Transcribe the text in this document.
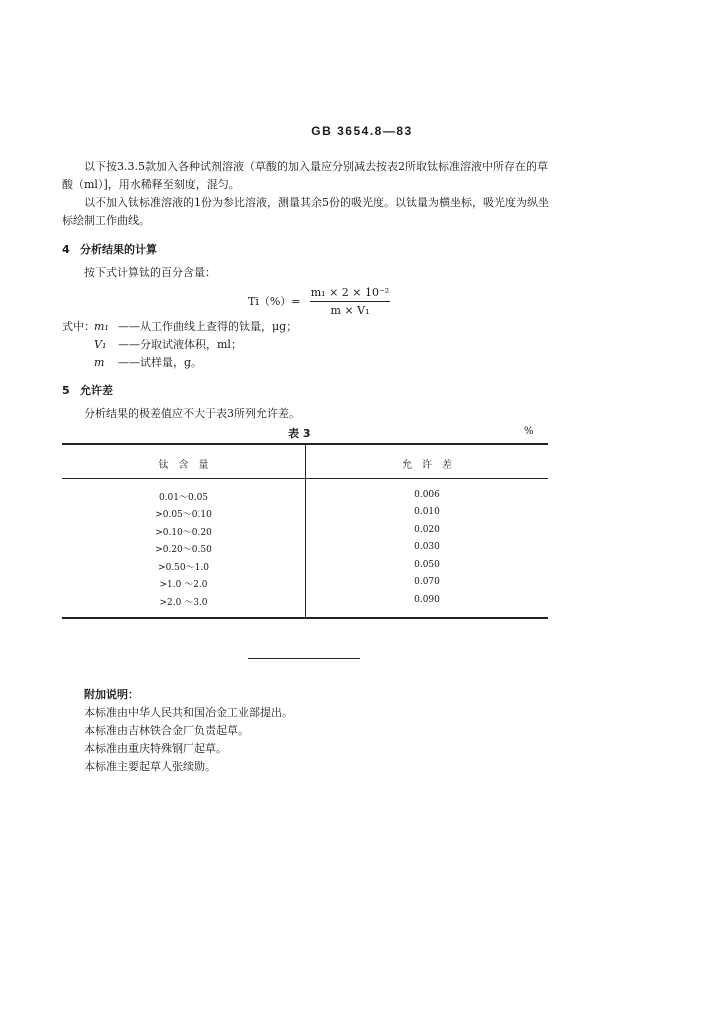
GB 3654.8—83
以下按3.3.5款加入各种试剂溶液（草酸的加入量应分别减去按表2所取钛标准溶液中所存在的草
酸（ml）]，用水稀释至刻度，混匀。
以不加入钛标准溶液的1份为参比溶液，测量其余5份的吸光度。以钛量为横坐标，吸光度为纵坐
标绘制工作曲线。
4 分析结果的计算
按下式计算钛的百分含量：
Ti（%）=
m₁ × 2 × 10⁻²
m × V₁
式中： m₁ ——从工作曲线上查得的钛量，μg；
V₁ ——分取试液体积，ml；
m ——试样量，g。
5 允许差
分析结果的极差值应不大于表3所列允许差。
表 3	%
钛　含　量	允　许　差
0.01～0.05	0.006
>0.05～0.10	0.010
>0.10～0.20	0.020
>0.20～0.50	0.030
>0.50～1.0	0.050
>1.0 ～2.0	0.070
>2.0 ～3.0	0.090
附加说明：
本标准由中华人民共和国冶金工业部提出。
本标准由吉林铁合金厂负责起草。
本标准由重庆特殊钢厂起草。
本标准主要起草人张续勋。
